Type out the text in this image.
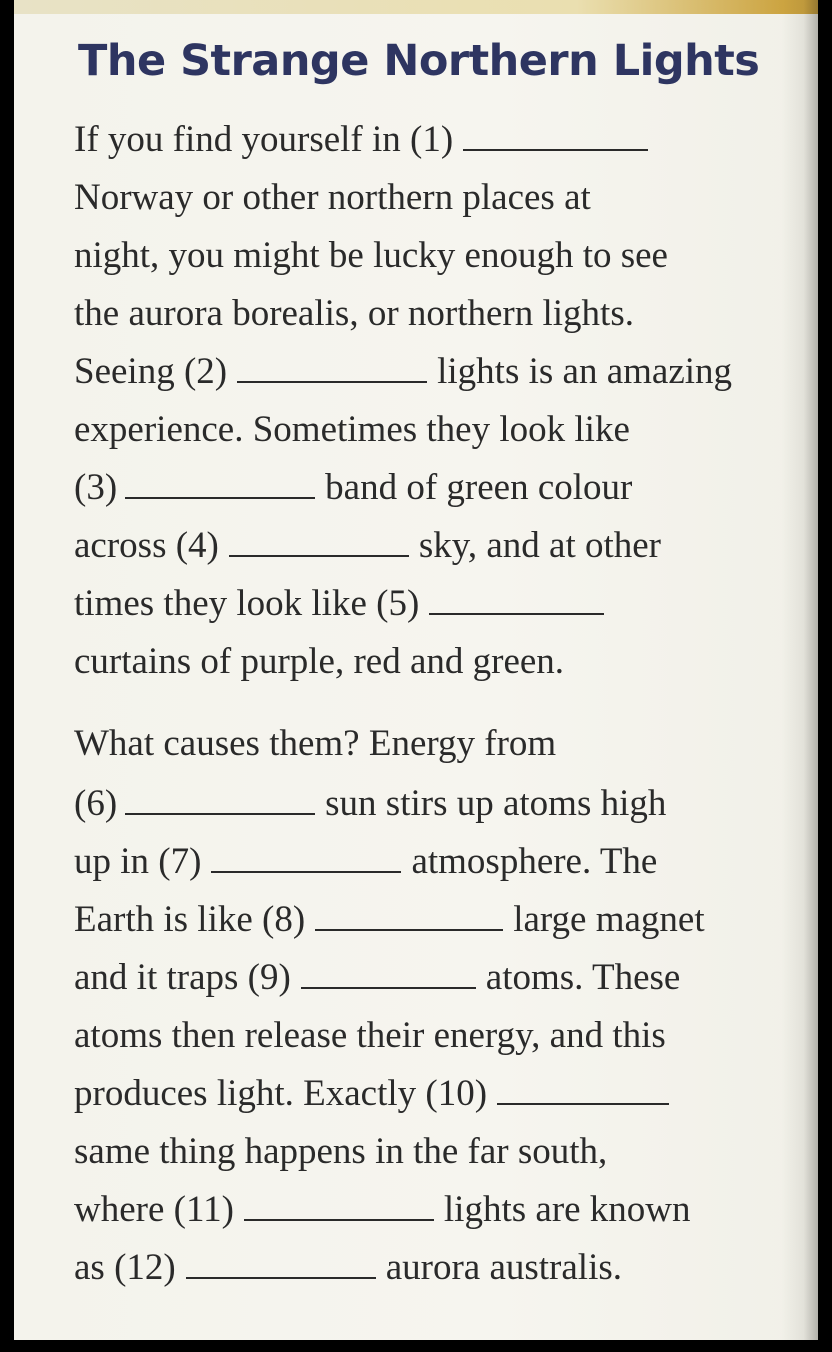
The Strange Northern Lights
If you find yourself in (1)
Norway or other northern places at
night, you might be lucky enough to see
the aurora borealis, or northern lights.
Seeing (2)	lights is an amazing
experience. Sometimes they look like
(3)	band of green colour
across (4)	sky, and at other
times they look like (5)
curtains of purple, red and green.
What causes them? Energy from
(6)	sun stirs up atoms high
up in (7)	atmosphere. The
Earth is like (8)	large magnet
and it traps (9)	atoms. These
atoms then release their energy, and this
produces light. Exactly (10)
same thing happens in the far south,
where (11)	lights are known
as (12)	aurora australis.
